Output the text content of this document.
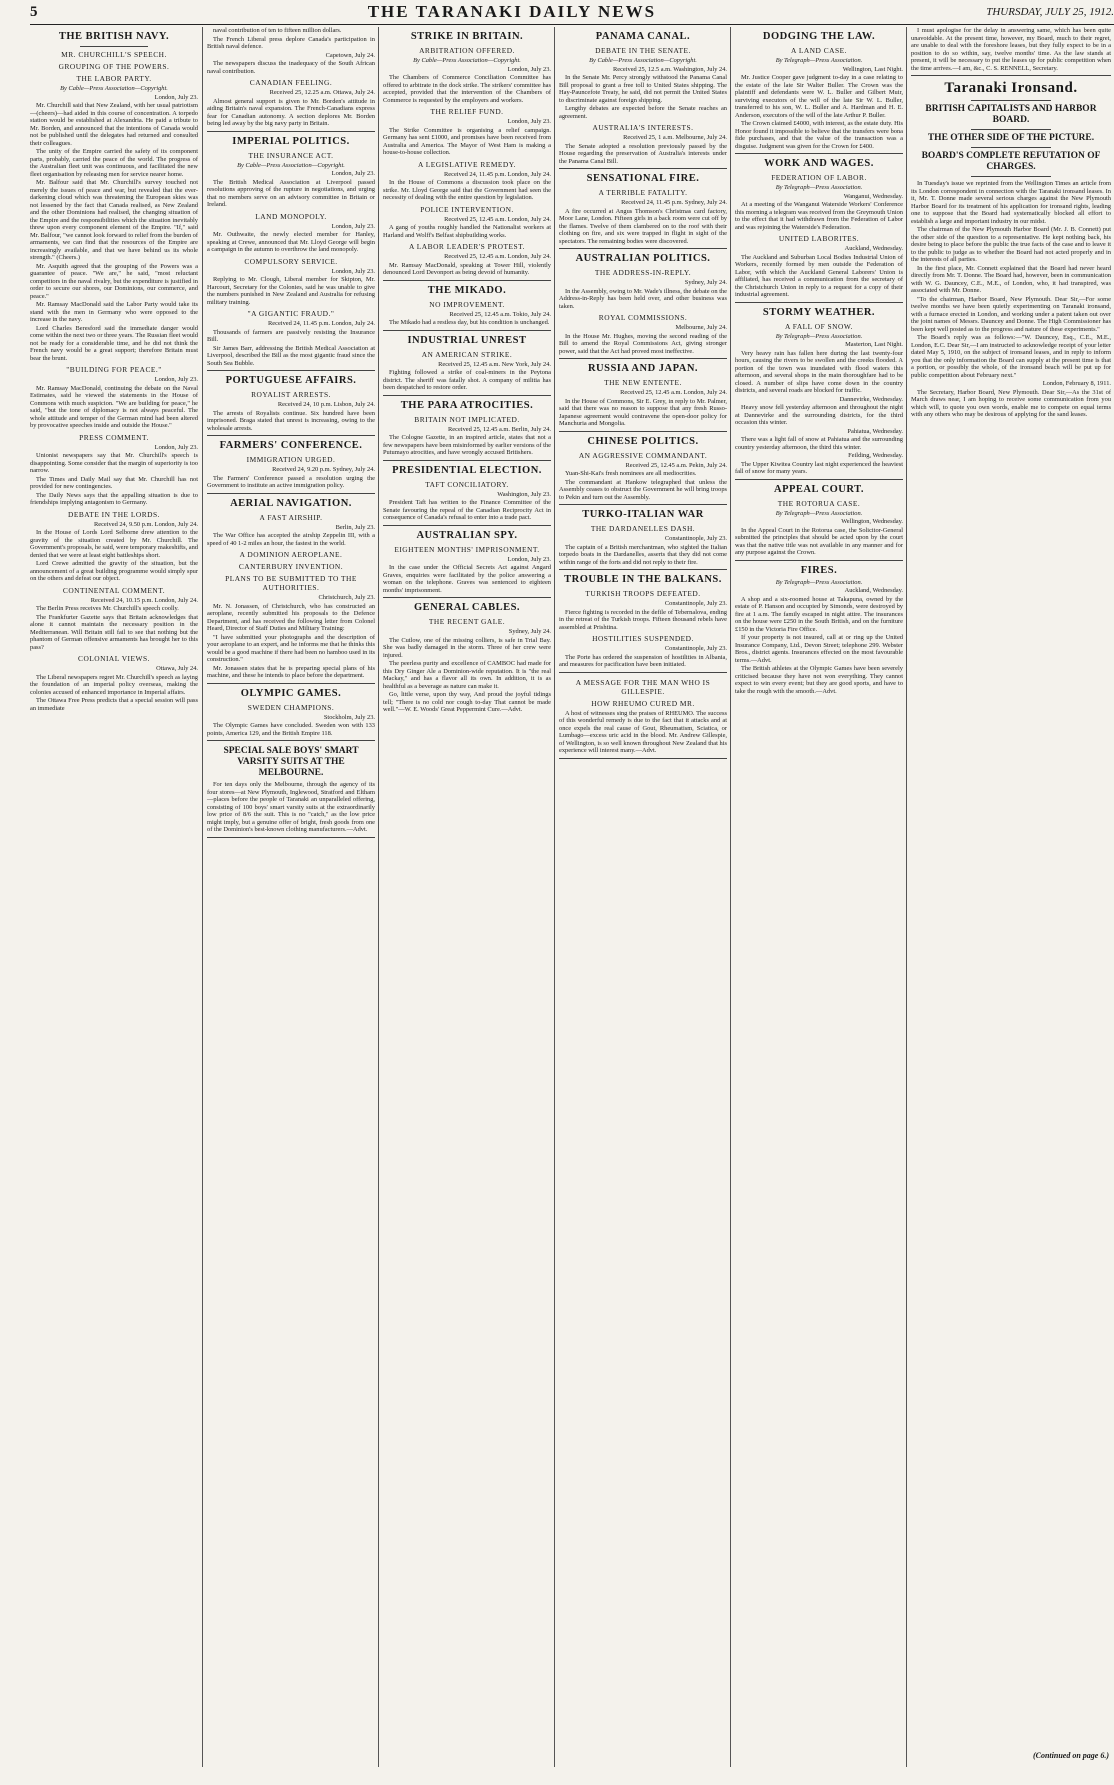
5	THE TARANAKI DAILY NEWS	THURSDAY, JULY 25, 1912.
THE BRITISH NAVY.
MR. CHURCHILL'S SPEECH.
GROUPING OF THE POWERS.
THE LABOR PARTY.

By Cable—Press Association—Copyright.

London, July 23.

Mr. Churchill said that New Zealand, with her usual patriotism—(cheers)—had aided in this course of concentration. A torpedo station would be established at Alexandria. He paid a tribute to Mr. Borden, and announced that the intentions of Canada would not be published until the delegates had returned and consulted their colleagues.

The unity of the Empire carried the safety of its component parts, probably, carried the peace of the world. The progress of the Australian fleet unit was continuous, and facilitated the new fleet organisation by releasing men for service nearer home.

Mr. Balfour said that Mr. Churchill's survey touched not merely the issues of peace and war, but revealed that the ever-darkening cloud which was threatening the European skies was not lessened by the fact that Canada realised, as New Zealand and the other Dominions had realised, the changing situation of the Empire and the responsibilities which the situation inevitably threw upon every component element of the Empire. "If," said Mr. Balfour, "we cannot look forward to relief from the burden of armaments, we can find that the resources of the Empire are increasingly available, and that we have behind us its whole strength." (Cheers.)

Mr. Asquith agreed that the grouping of the Powers was a guarantee of peace. "We are," he said, "most reluctant competitors in the naval rivalry, but the expenditure is justified in order to secure our shores, our Dominions, our commerce, and peace."

Mr. Ramsay MacDonald said the Labor Party would take its stand with the men in Germany who were opposed to the increase in the navy.

Lord Charles Beresford said the immediate danger would come within the next two or three years. The Russian fleet would not be ready for a considerable time, and he did not think the French navy would be a great support; therefore Britain must bear the brunt.

"BUILDING FOR PEACE."

London, July 23.

Mr. Ramsay MacDonald, continuing the debate on the Naval Estimates, said he viewed the statements in the House of Commons with much suspicion. "We are building for peace," he said, "but the tone of diplomacy is not always peaceful. The whole attitude and temper of the German mind had been altered by provocative speeches inside and outside the House."

PRESS COMMENT.

London, July 23.

Unionist newspapers say that Mr. Churchill's speech is disappointing. Some consider that the margin of superiority is too narrow.

The Times and Daily Mail say that Mr. Churchill has not provided for new contingencies.

The Daily News says that the appalling situation is due to friendships implying antagonism to Germany.

DEBATE IN THE LORDS.

Received 24, 9.50 p.m. London, July 24.

In the House of Lords Lord Selborne drew attention to the gravity of the situation created by Mr. Churchill. The Government's proposals, he said, were temporary makeshifts, and denied that we were at least eight battleships short.

Lord Crewe admitted the gravity of the situation, but the announcement of a great building programme would simply spur on the others and defeat our object.

CONTINENTAL COMMENT.

Received 24, 10.15 p.m. London, July 24.

The Berlin Press receives Mr. Churchill's speech coolly.

The Frankfurter Gazette says that Britain acknowledges that alone it cannot maintain the necessary position in the Mediterranean. Will Britain still fail to see that nothing but the phantom of German offensive armaments has brought her to this pass?

COLONIAL VIEWS.

Ottawa, July 24.

The Liberal newspapers regret Mr. Churchill's speech as laying the foundation of an imperial policy overseas, making the colonies accused of enhanced importance in Imperial affairs.

The Ottawa Free Press predicts that a special session will pass an immediate

naval contribution of ten to fifteen million dollars.

The French Liberal press deplore Canada's participation in British naval defence.

Capetown, July 24.

The newspapers discuss the inadequacy of the South African naval contribution.

CANADIAN FEELING.

Received 25, 12.25 a.m. Ottawa, July 24.

Almost general support is given to Mr. Borden's attitude in aiding Britain's naval expansion. The French-Canadians express fear for Canadian autonomy. A section deplores Mr. Borden being led away by the big navy party in Britain.

IMPERIAL POLITICS.
THE INSURANCE ACT.

By Cable—Press Association—Copyright.

London, July 23.

The British Medical Association at Liverpool passed resolutions approving of the rupture in negotiations, and urging that no members serve on an advisory committee in Britain or Ireland.

LAND MONOPOLY.

London, July 23.

Mr. Outhwaite, the newly elected member for Hanley, speaking at Crewe, announced that Mr. Lloyd George will begin a campaign in the autumn to overthrow the land monopoly.

COMPULSORY SERVICE.

London, July 23.

Replying to Mr. Clough, Liberal member for Skipton, Mr. Harcourt, Secretary for the Colonies, said he was unable to give the numbers punished in New Zealand and Australia for refusing military training.

"A GIGANTIC FRAUD."

Received 24, 11.45 p.m. London, July 24.

Thousands of farmers are passively resisting the Insurance Bill.

Sir James Barr, addressing the British Medical Association at Liverpool, described the Bill as the most gigantic fraud since the South Sea Bubble.

PORTUGUESE AFFAIRS.
ROYALIST ARRESTS.

Received 24, 10 p.m. Lisbon, July 24.

The arrests of Royalists continue. Six hundred have been imprisoned. Braga stated that unrest is increasing, owing to the wholesale arrests.

FARMERS' CONFERENCE.
IMMIGRATION URGED.

Received 24, 9.20 p.m. Sydney, July 24.

The Farmers' Conference passed a resolution urging the Government to institute an active immigration policy.

AERIAL NAVIGATION.
A FAST AIRSHIP.

Berlin, July 23.

The War Office has accepted the airship Zeppelin III, with a speed of 40 1-2 miles an hour, the fastest in the world.

A DOMINION AEROPLANE.
CANTERBURY INVENTION.
PLANS TO BE SUBMITTED TO THE AUTHORITIES.

Christchurch, July 23.

Mr. N. Jonassen, of Christchurch, who has constructed an aeroplane, recently submitted his proposals to the Defence Department, and has received the following letter from Colonel Heard, Director of Staff Duties and Military Training:

"I have submitted your photographs and the description of your aeroplane to an expert, and he informs me that he thinks this would be a good machine if there had been no hamboo used in its construction."

Mr. Jonassen states that he is preparing special plans of his machine, and these he intends to place before the department.

OLYMPIC GAMES.
SWEDEN CHAMPIONS.

Stockholm, July 23.

The Olympic Games have concluded. Sweden won with 133 points, America 129, and the British Empire 118.

SPECIAL SALE BOYS' SMART VARSITY SUITS AT THE MELBOURNE.

For ten days only the Melbourne, through the agency of its four stores—at New Plymouth, Inglewood, Stratford and Eltham—places before the people of Taranaki an unparalleled offering, consisting of 100 boys' smart varsity suits at the extraordinarily low price of 8/6 the suit. This is no "catch," as the low price might imply, but a genuine offer of bright, fresh goods from one of the Dominion's best-known clothing manufacturers.—Advt.

STRIKE IN BRITAIN.
ARBITRATION OFFERED.

By Cable—Press Association—Copyright.

London, July 23.

The Chambers of Commerce Conciliation Committee has offered to arbitrate in the dock strike. The strikers' committee has accepted, provided that the intervention of the Chambers of Commerce is requested by the employers and workers.

THE RELIEF FUND.

London, July 23.

The Strike Committee is organising a relief campaign. Germany has sent £1000, and promises have been received from Australia and America. The Mayor of West Ham is making a house-to-house collection.

A LEGISLATIVE REMEDY.

Received 24, 11.45 p.m. London, July 24.

In the House of Commons a discussion took place on the strike. Mr. Lloyd George said that the Government had seen the necessity of dealing with the entire question by legislation.

POLICE INTERVENTION.

Received 25, 12.45 a.m. London, July 24.

A gang of youths roughly handled the Nationalist workers at Harland and Wolff's Belfast shipbuilding works.

A LABOR LEADER'S PROTEST.

Received 25, 12.45 a.m. London, July 24.

Mr. Ramsay MacDonald, speaking at Tower Hill, violently denounced Lord Devonport as being devoid of humanity.

THE MIKADO.
NO IMPROVEMENT.

Received 25, 12.45 a.m. Tokio, July 24.

The Mikado had a restless day, but his condition is unchanged.

INDUSTRIAL UNREST
AN AMERICAN STRIKE.

Received 25, 12.45 a.m. New York, July 24.

Fighting followed a strike of coal-miners in the Peytona district. The sheriff was fatally shot. A company of militia has been despatched to restore order.

THE PARA ATROCITIES.
BRITAIN NOT IMPLICATED.

Received 25, 12.45 a.m. Berlin, July 24.

The Cologne Gazette, in an inspired article, states that not a few newspapers have been misinformed by earlier versions of the Putumayo atrocities, and have wrongly accused Britishers.

PRESIDENTIAL ELECTION.
TAFT CONCILIATORY.

Washington, July 23.

President Taft has written to the Finance Committee of the Senate favouring the repeal of the Canadian Reciprocity Act in consequence of Canada's refusal to enter into a trade pact.

AUSTRALIAN SPY.
EIGHTEEN MONTHS' IMPRISONMENT.

London, July 23.

In the case under the Official Secrets Act against Angard Graves, enquiries were facilitated by the police answering a woman on the telephone. Graves was sentenced to eighteen months' imprisonment.

GENERAL CABLES.
THE RECENT GALE.

Sydney, July 24.

The Cutlow, one of the missing colliers, is safe in Trial Bay. She was badly damaged in the storm. Three of her crew were injured.

The peerless purity and excellence of CAMBOC had made for this Dry Ginger Ale a Dominion-wide reputation. It is "the real Mackay," and has a flavor all its own. In addition, it is as healthful as a beverage as nature can make it.

Go, little verse, upon thy way, And proud the joyful tidings tell; "There is no cold nor cough to-day That cannot be made well."—W. E. Woods' Great Peppermint Cure.—Advt.

PANAMA CANAL.
DEBATE IN THE SENATE.

By Cable—Press Association—Copyright.

Received 25, 12.5 a.m. Washington, July 24.

In the Senate Mr. Percy strongly withstood the Panama Canal Bill proposal to grant a free toll to United States shipping. The Hay-Pauncefote Treaty, he said, did not permit the United States to discriminate against foreign shipping.

Lengthy debates are expected before the Senate reaches an agreement.

AUSTRALIA'S INTERESTS.

Received 25, 1 a.m. Melbourne, July 24.

The Senate adopted a resolution previously passed by the House regarding the preservation of Australia's interests under the Panama Canal Bill.

SENSATIONAL FIRE.
A TERRIBLE FATALITY.

Received 24, 11.45 p.m. Sydney, July 24.

A fire occurred at Angus Thomson's Christmas card factory, Moor Lane, London. Fifteen girls in a back room were cut off by the flames. Twelve of them clambered on to the roof with their clothing on fire, and six were trapped in flight in sight of the spectators. The remaining bodies were discovered.

AUSTRALIAN POLITICS.
THE ADDRESS-IN-REPLY.

Sydney, July 24.

In the Assembly, owing to Mr. Wade's illness, the debate on the Address-in-Reply has been held over, and other business was taken.

ROYAL COMMISSIONS.

Melbourne, July 24.

In the House Mr. Hughes, moving the second reading of the Bill to amend the Royal Commissions Act, giving stronger power, said that the Act had proved most ineffective.

RUSSIA AND JAPAN.
THE NEW ENTENTE.

Received 25, 12.45 a.m. London, July 24.

In the House of Commons, Sir E. Grey, in reply to Mr. Palmer, said that there was no reason to suppose that any fresh Russo-Japanese agreement would contravene the open-door policy for Manchuria and Mongolia.

CHINESE POLITICS.
AN AGGRESSIVE COMMANDANT.

Received 25, 12.45 a.m. Pekin, July 24.

Yuan-Shi-Kai's fresh nominees are all mediocrities.

The commandant at Hankow telegraphed that unless the Assembly ceases to obstruct the Government he will bring troops to Pekin and turn out the Assembly.

TURKO-ITALIAN WAR
THE DARDANELLES DASH.

Constantinople, July 23.

The captain of a British merchantman, who sighted the Italian torpedo boats in the Dardanelles, asserts that they did not come within range of the forts and did not reply to their fire.

TROUBLE IN THE BALKANS.
TURKISH TROOPS DEFEATED.

Constantinople, July 23.

Fierce fighting is recorded in the defile of Tebernalova, ending in the retreat of the Turkish troops. Fifteen thousand rebels have assembled at Prishtina.

HOSTILITIES SUSPENDED.

Constantinople, July 23.

The Porte has ordered the suspension of hostilities in Albania, and measures for pacification have been initiated.

A MESSAGE FOR THE MAN WHO IS GILLESPIE.
HOW RHEUMO CURED MR.

A host of witnesses sing the praises of RHEUMO. The success of this wonderful remedy is due to the fact that it attacks and at once expels the real cause of Gout, Rheumatism, Sciatica, or Lumbago—excess uric acid in the blood. Mr. Andrew Gillespie, of Wellington, is so well known throughout New Zealand that his experience will interest many.—Advt.

DODGING THE LAW.
A LAND CASE.

By Telegraph—Press Association.

Wellington, Last Night.

Mr. Justice Cooper gave judgment to-day in a case relating to the estate of the late Sir Walter Buller. The Crown was the plaintiff and defendants were W. L. Buller and Gilbert Muir, surviving executors of the will of the late Sir W. L. Buller, transferred to his son, W. L. Buller and A. Hardman and H. E. Anderson, executors of the will of the late Arthur P. Buller.

The Crown claimed £4000, with interest, as the estate duty. His Honor found it impossible to believe that the transfers were bona fide purchases, and that the value of the transaction was a disguise. Judgment was given for the Crown for £400.

WORK AND WAGES.
FEDERATION OF LABOR.

By Telegraph—Press Association.

Wanganui, Wednesday.

At a meeting of the Wanganui Waterside Workers' Conference this morning a telegram was received from the Greymouth Union to the effect that it had withdrawn from the Federation of Labor and was rejoining the Waterside's Federation.

UNITED LABORITES.

Auckland, Wednesday.

The Auckland and Suburban Local Bodies Industrial Union of Workers, recently formed by men outside the Federation of Labor, with which the Auckland General Laborers' Union is affiliated, has received a communication from the secretary of the Christchurch Union in reply to a request for a copy of their industrial agreement.

STORMY WEATHER.
A FALL OF SNOW.

By Telegraph—Press Association.

Masterton, Last Night.

Very heavy rain has fallen here during the last twenty-four hours, causing the rivers to be swollen and the creeks flooded. A portion of the town was inundated with flood waters this afternoon, and several shops in the main thoroughfare had to be closed. A number of slips have come down in the country districts, and several roads are blocked for traffic.

Dannevirke, Wednesday.

Heavy snow fell yesterday afternoon and throughout the night at Dannevirke and the surrounding districts, for the third occasion this winter.

Pahiatua, Wednesday.

There was a light fall of snow at Pahiatua and the surrounding country yesterday afternoon, the third this winter.

Feilding, Wednesday.

The Upper Kiwitea Country last night experienced the heaviest fall of snow for many years.

APPEAL COURT.
THE ROTORUA CASE.

By Telegraph—Press Association.

Wellington, Wednesday.

In the Appeal Court in the Rotorua case, the Solicitor-General submitted the principles that should be acted upon by the court was that the native title was not available in any manner and for any purpose against the Crown.

FIRES.

By Telegraph—Press Association.

Auckland, Wednesday.

A shop and a six-roomed house at Takapuna, owned by the estate of P. Hanson and occupied by Simonds, were destroyed by fire at 1 a.m. The family escaped in night attire. The insurances on the house were £250 in the South British, and on the furniture £150 in the Victoria Fire Office.

If your property is not insured, call at or ring up the United Insurance Company, Ltd., Devon Street; telephone 299. Webster Bros., district agents. Insurances effected on the most favourable terms.—Advt.

The British athletes at the Olympic Games have been severely criticised because they have not won everything. They cannot expect to win every event; but they are good sports, and have to take the rough with the smooth.—Advt.

I must apologise for the delay in answering same, which has been quite unavoidable. At the present time, however, my Board, much to their regret, are unable to deal with the foreshore leases, but they fully expect to be in a position to do so within, say, twelve months' time. As the law stands at present, it will be necessary to put the leases up for public competition when the time arrives.—I am, &c., C. S. RENNELL, Secretary.

Taranaki Ironsand.
BRITISH CAPITALISTS AND HARBOR BOARD.
THE OTHER SIDE OF THE PICTURE.
BOARD'S COMPLETE REFUTATION OF CHARGES.

In Tuesday's issue we reprinted from the Wellington Times an article from its London correspondent in connection with the Taranaki ironsand leases. In it, Mr. T. Donne made several serious charges against the New Plymouth Harbor Board for its treatment of his application for ironsand rights, leading one to suppose that the Board had systematically blocked all effort to establish a large and important industry in our midst.

The chairman of the New Plymouth Harbor Board (Mr. J. B. Connett) put the other side of the question to a representative. He kept nothing back, his desire being to place before the public the true facts of the case and to leave it to the public to judge as to whether the Board had not acted properly and in the interests of all parties.

In the first place, Mr. Connett explained that the Board had never heard directly from Mr. T. Donne. The Board had, however, been in communication with W. G. Dauncey, C.E., M.E., of London, who, it had transpired, was associated with Mr. Donne.

"To the chairman, Harbor Board, New Plymouth. Dear Sir,—For some twelve months we have been quietly experimenting on Taranaki ironsand, with a furnace erected in London, and working under a patent taken out over the joint names of Messrs. Dauncey and Donne. The High Commissioner has been kept well posted as to the progress and nature of these experiments."

The Board's reply was as follows:—"W. Dauncey, Esq., C.E., M.E., London, E.C. Dear Sir,—I am instructed to acknowledge receipt of your letter dated May 5, 1910, on the subject of ironsand leases, and in reply to inform you that the only information the Board can supply at the present time is that a portion, or possibly the whole, of the ironsand beach will be put up for public competition about February next."

London, February 8, 1911.

The Secretary, Harbor Board, New Plymouth. Dear Sir,—As the 31st of March draws near, I am hoping to receive some communication from you which will, to quote you own words, enable me to compete on equal terms with any others who may be desirous of applying for the sand leases.

(Continued on page 6.)
